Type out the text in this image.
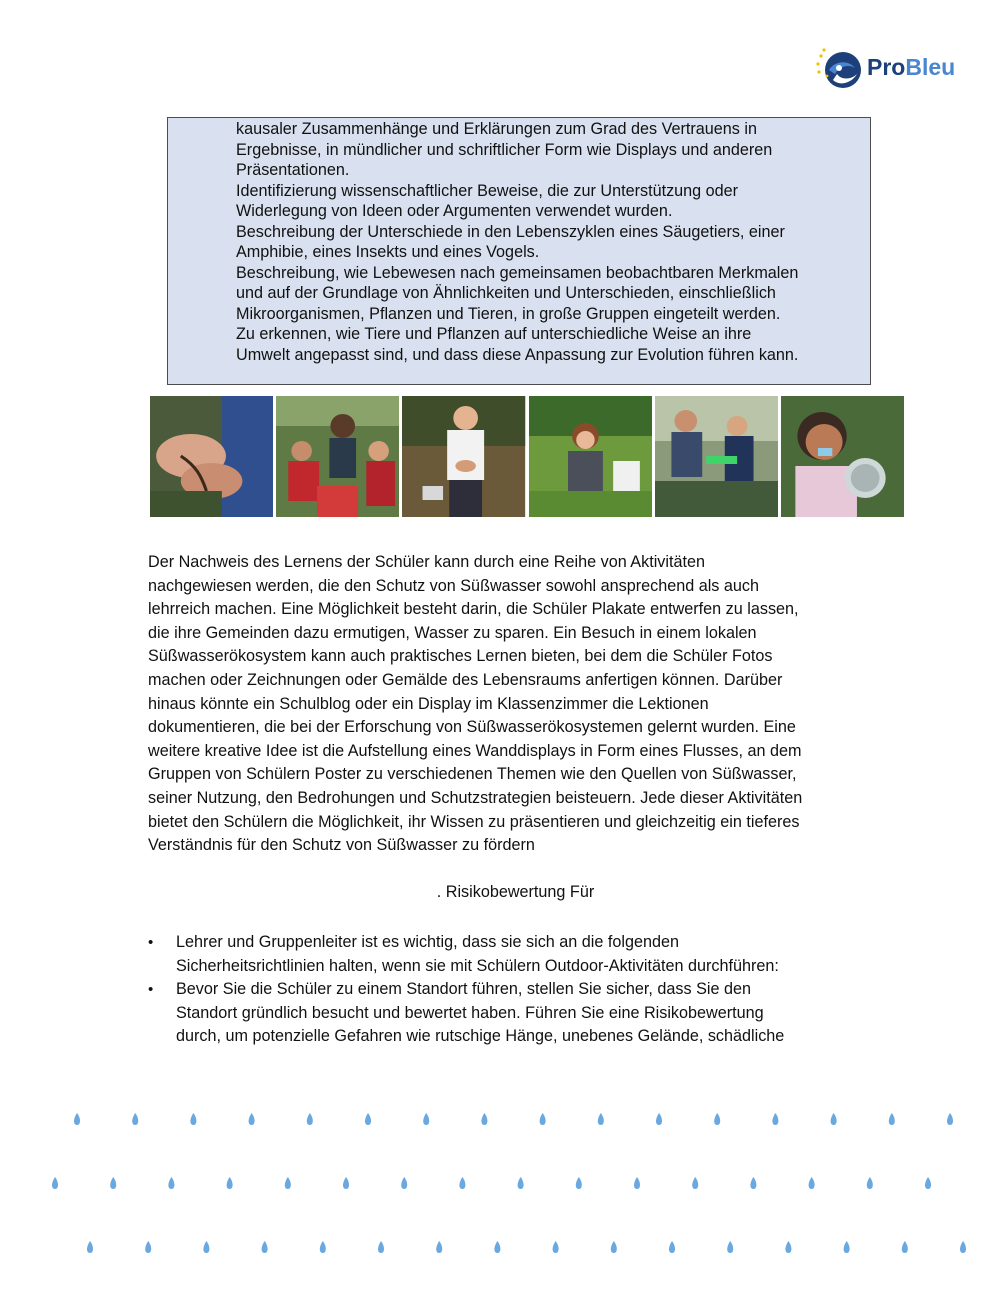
ProBleu

kausaler Zusammenhänge und Erklärungen zum Grad des Vertrauens in

Ergebnisse, in mündlicher und schriftlicher Form wie Displays und anderen

Präsentationen.

Identifizierung wissenschaftlicher Beweise, die zur Unterstützung oder

Widerlegung von Ideen oder Argumenten verwendet wurden.

Beschreibung der Unterschiede in den Lebenszyklen eines Säugetiers, einer

Amphibie, eines Insekts und eines Vogels.

Beschreibung, wie Lebewesen nach gemeinsamen beobachtbaren Merkmalen

und auf der Grundlage von Ähnlichkeiten und Unterschieden, einschließlich

Mikroorganismen, Pflanzen und Tieren, in große Gruppen eingeteilt werden.

Zu erkennen, wie Tiere und Pflanzen auf unterschiedliche Weise an ihre

Umwelt angepasst sind, und dass diese Anpassung zur Evolution führen kann.

Der Nachweis des Lernens der Schüler kann durch eine Reihe von Aktivitäten
nachgewiesen werden, die den Schutz von Süßwasser sowohl ansprechend als auch
lehrreich machen. Eine Möglichkeit besteht darin, die Schüler Plakate entwerfen zu lassen,
die ihre Gemeinden dazu ermutigen, Wasser zu sparen. Ein Besuch in einem lokalen
Süßwasserökosystem kann auch praktisches Lernen bieten, bei dem die Schüler Fotos
machen oder Zeichnungen oder Gemälde des Lebensraums anfertigen können. Darüber
hinaus könnte ein Schulblog oder ein Display im Klassenzimmer die Lektionen
dokumentieren, die bei der Erforschung von Süßwasserökosystemen gelernt wurden. Eine
weitere kreative Idee ist die Aufstellung eines Wanddisplays in Form eines Flusses, an dem
Gruppen von Schülern Poster zu verschiedenen Themen wie den Quellen von Süßwasser,
seiner Nutzung, den Bedrohungen und Schutzstrategien beisteuern. Jede dieser Aktivitäten
bietet den Schülern die Möglichkeit, ihr Wissen zu präsentieren und gleichzeitig ein tieferes
Verständnis für den Schutz von Süßwasser zu fördern

. Risikobewertung Für

• Lehrer und Gruppenleiter ist es wichtig, dass sie sich an die folgenden
Sicherheitsrichtlinien halten, wenn sie mit Schülern Outdoor-Aktivitäten durchführen:
• Bevor Sie die Schüler zu einem Standort führen, stellen Sie sicher, dass Sie den
Standort gründlich besucht und bewertet haben. Führen Sie eine Risikobewertung
durch, um potenzielle Gefahren wie rutschige Hänge, unebenes Gelände, schädliche
